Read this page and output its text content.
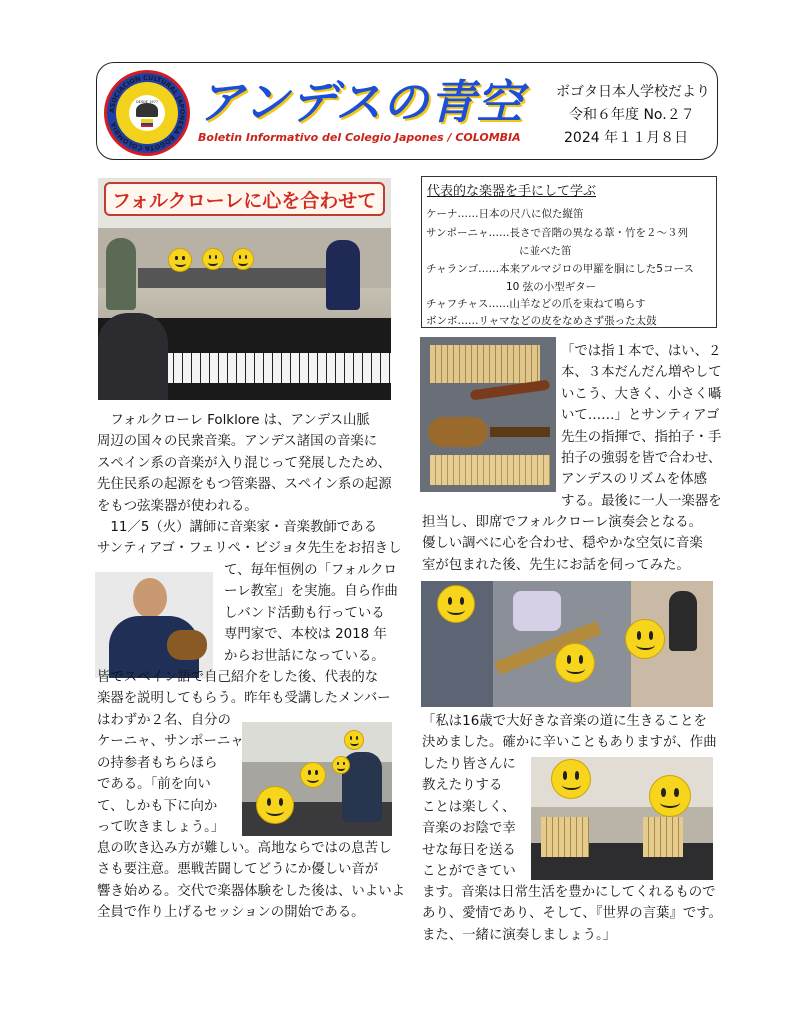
ASOCIACION CULTURAL JAPONESA BOGOTA COLOMBIA
DESDE 1977 アンデスの青空
Boletin Informativo del Colegio Japones / COLOMBIA
ボゴタ日本人学校だより
令和６年度 No.２７
2024 年１１月８日
フォルクローレに心を合わせて	代表的な楽器を手にして学ぶ
ケーナ……日本の尺八に似た縦笛
サンポーニャ……長さで音階の異なる葦・竹を２～３列
に並べた笛
チャランゴ……本来アルマジロの甲羅を胴にした5コース
10 弦の小型ギター
チャフチャス……山羊などの爪を束ねて鳴らす
ボンボ……リャマなどの皮をなめさず張った太鼓
　フォルクローレ Folklore は、アンデス山脈
周辺の国々の民衆音楽。アンデス諸国の音楽に
スペイン系の音楽が入り混じって発展したため、
先住民系の起源をもつ管楽器、スペイン系の起源
をもつ弦楽器が使われる。
　11／5（火）講師に音楽家・音楽教師である
サンティアゴ・フェリペ・ビジョタ先生をお招きし
て、毎年恒例の「フォルクロ
ーレ教室」を実施。自ら作曲
しバンド活動も行っている
専門家で、本校は 2018 年
からお世話になっている。
皆でスペイン語で自己紹介をした後、代表的な
楽器を説明してもらう。昨年も受講したメンバー
はわずか２名、自分の
ケーニャ、サンポーニャ
の持参者もちらほら
である。「前を向い
て、しかも下に向か
って吹きましょう。」
息の吹き込み方が難しい。高地ならではの息苦し
さも要注意。悪戦苦闘してどうにか優しい音が
響き始める。交代で楽器体験をした後は、いよいよ
全員で作り上げるセッションの開始である。
「では指１本で、はい、２
本、３本だんだん増やして
いこう、大きく、小さく囁
いて……」とサンティアゴ
先生の指揮で、指拍子・手
拍子の強弱を皆で合わせ、
アンデスのリズムを体感
する。最後に一人一楽器を
担当し、即席でフォルクローレ演奏会となる。
優しい調べに心を合わせ、穏やかな空気に音楽
室が包まれた後、先生にお話を伺ってみた。
「私は16歳で大好きな音楽の道に生きることを
決めました。確かに辛いこともありますが、作曲
したり皆さんに
教えたりする
ことは楽しく、
音楽のお陰で幸
せな毎日を送る
ことができてい
ます。音楽は日常生活を豊かにしてくれるもので
あり、愛情であり、そして、『世界の言葉』です。
また、一緒に演奏しましょう。」
